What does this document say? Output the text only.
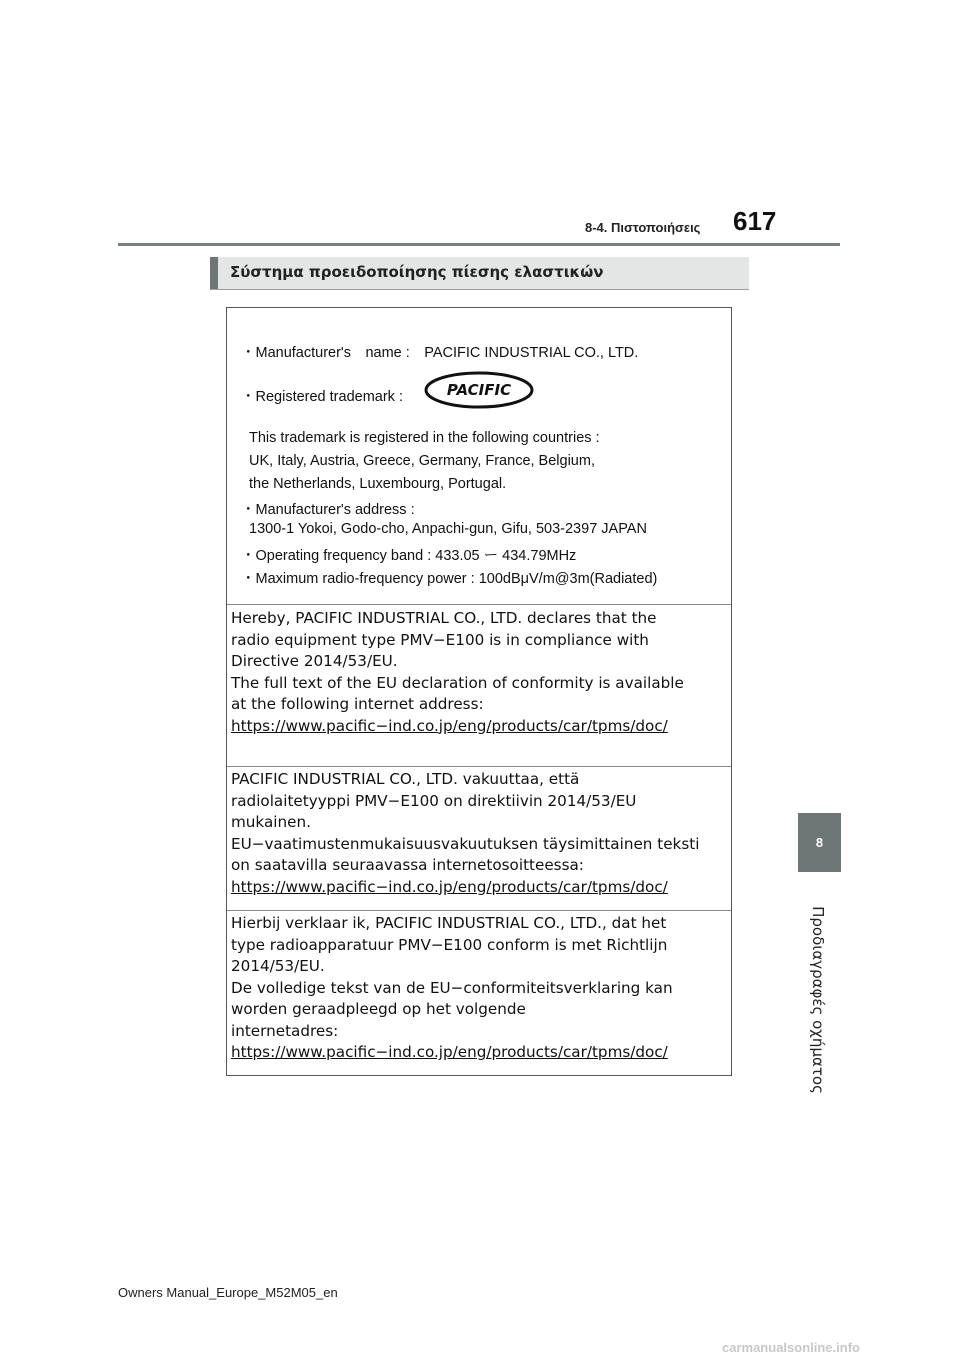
8-4. Πιστοποιήσεις 617
Σύστημα προειδοποίησης πίεσης ελαστικών
・Manufacturer's　name :　PACIFIC INDUSTRIAL CO., LTD.
・Registered trademark :	PACIFIC
This trademark is registered in the following countries :
UK, Italy, Austria, Greece, Germany, France, Belgium,
the Netherlands, Luxembourg, Portugal.
・Manufacturer's address :
1300-1 Yokoi, Godo-cho, Anpachi-gun, Gifu, 503-2397 JAPAN
・Operating frequency band : 433.05 ー 434.79MHz
・Maximum radio-frequency power : 100dBμV/m@3m(Radiated)

Hereby, PACIFIC INDUSTRIAL CO., LTD. declares that the

radio equipment type PMV−E100 is in compliance with

Directive 2014/53/EU.

The full text of the EU declaration of conformity is available

at the following internet address:

https://www.pacific−ind.co.jp/eng/products/car/tpms/doc/

PACIFIC INDUSTRIAL CO., LTD. vakuuttaa, että

radiolaitetyyppi PMV−E100 on direktiivin 2014/53/EU

mukainen.

EU−vaatimustenmukaisuusvakuutuksen täysimittainen teksti

on saatavilla seuraavassa internetosoitteessa:

https://www.pacific−ind.co.jp/eng/products/car/tpms/doc/

Hierbij verklaar ik, PACIFIC INDUSTRIAL CO., LTD., dat het

type radioapparatuur PMV−E100 conform is met Richtlijn

2014/53/EU.

De volledige tekst van de EU−conformiteitsverklaring kan

worden geraadpleegd op het volgende

internetadres:

https://www.pacific−ind.co.jp/eng/products/car/tpms/doc/

8
Προδιαγραφές οχήματος
Owners Manual_Europe_M52M05_en
carmanualsonline.info
